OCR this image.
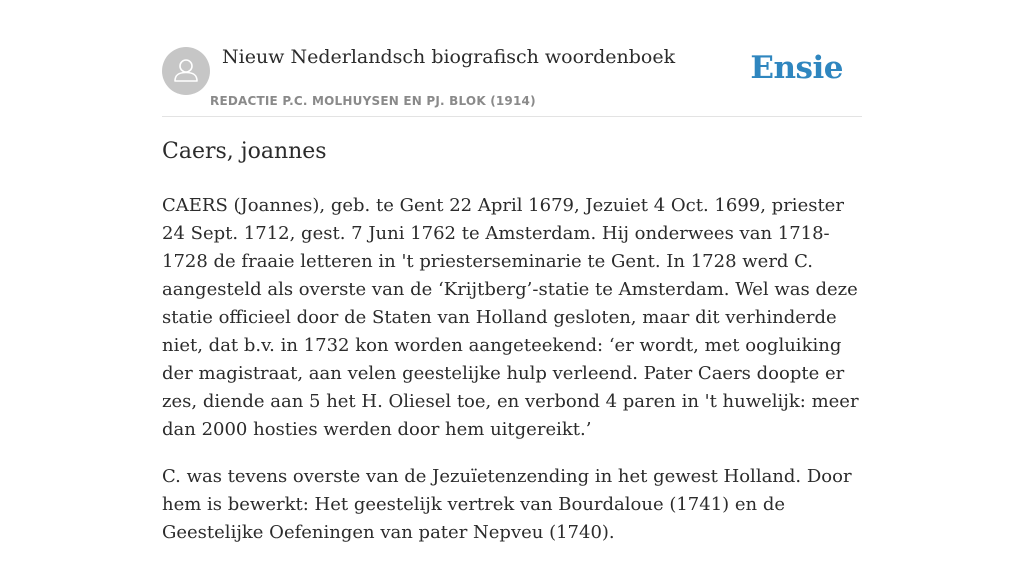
Nieuw Nederlandsch biografisch woordenboek
REDACTIE P.C. MOLHUYSEN EN PJ. BLOK (1914)
Ensie
Caers, joannes

CAERS (Joannes), geb. te Gent 22 April 1679, Jezuiet 4 Oct. 1699, priester 24 Sept. 1712, gest. 7 Juni 1762 te Amsterdam. Hij onderwees van 1718-1728 de fraaie letteren in 't priesterseminarie te Gent. In 1728 werd C. aangesteld als overste van de ‘Krijtberg’-statie te Amsterdam. Wel was deze statie officieel door de Staten van Holland gesloten, maar dit verhinderde niet, dat b.v. in 1732 kon worden aangeteekend: ‘er wordt, met oogluiking der magistraat, aan velen geestelijke hulp verleend. Pater Caers doopte er zes, diende aan 5 het H. Oliesel toe, en verbond 4 paren in 't huwelijk: meer dan 2000 hosties werden door hem uitgereikt.’

C. was tevens overste van de Jezuïetenzending in het gewest Holland. Door hem is bewerkt: Het geestelijk vertrek van Bourdaloue (1741) en de Geestelijke Oefeningen van pater Nepveu (1740).
